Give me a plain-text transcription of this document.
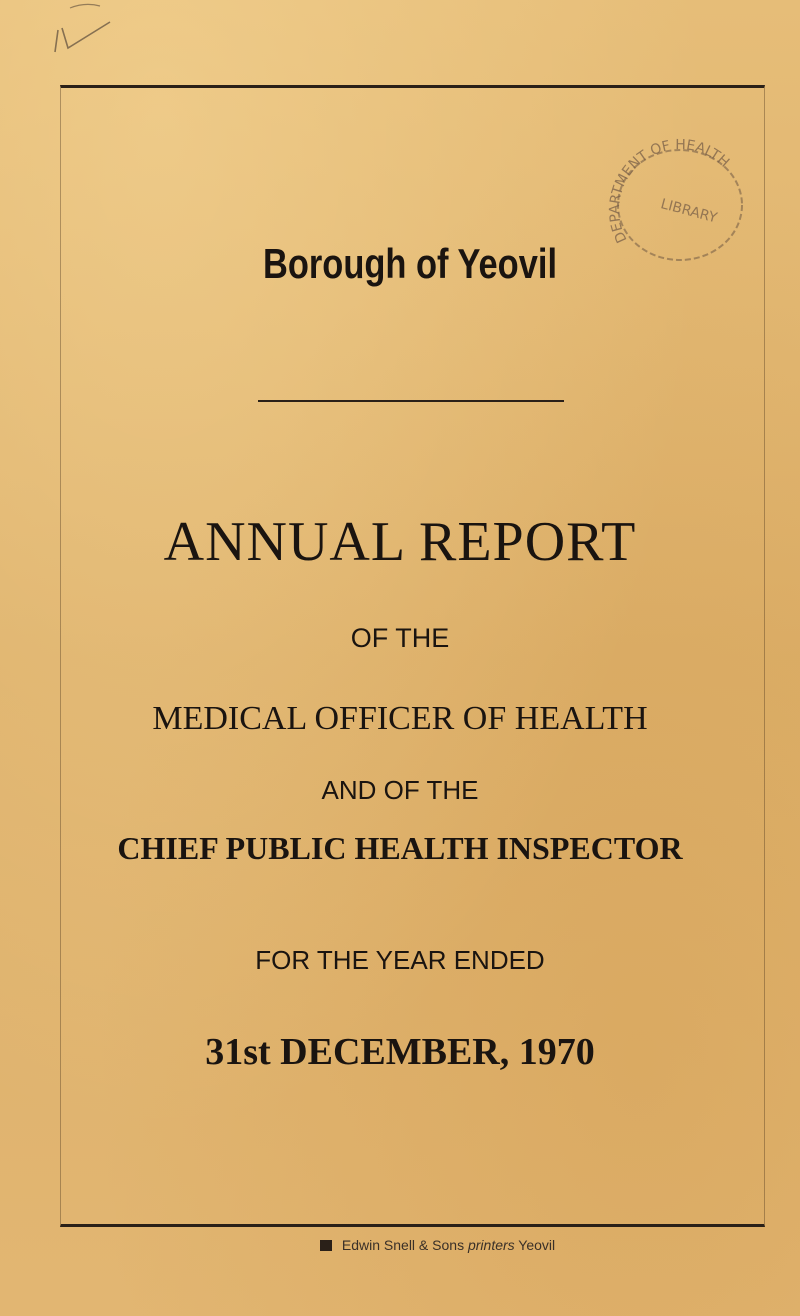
DEPARTMENT OF HEALTH
LIBRARY
Borough of Yeovil
ANNUAL REPORT
OF THE
MEDICAL OFFICER OF HEALTH
AND OF THE
CHIEF PUBLIC HEALTH INSPECTOR
FOR THE YEAR ENDED
31st DECEMBER, 1970
Edwin Snell & Sons printers Yeovil
